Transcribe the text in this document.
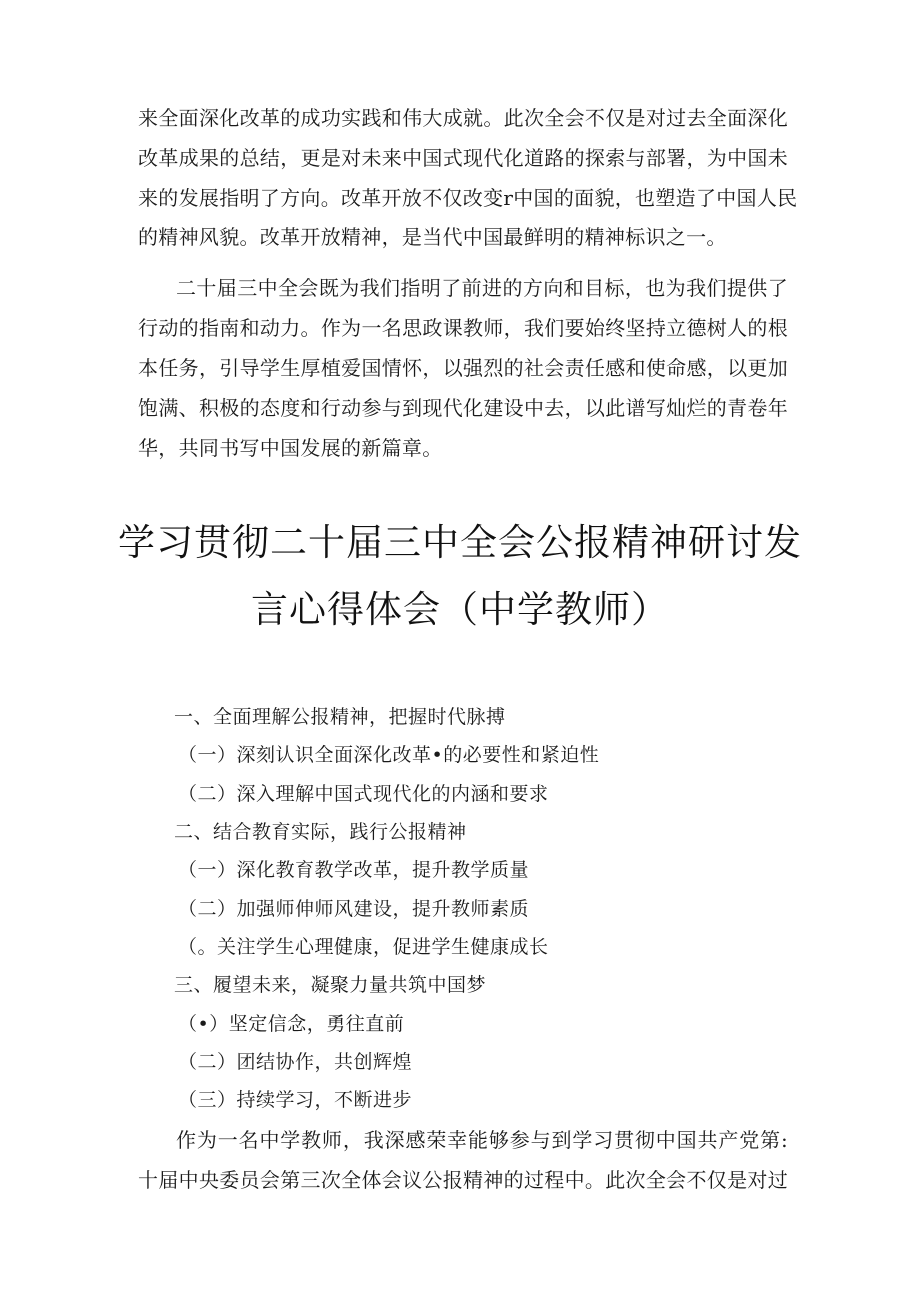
来全面深化改革的成功实践和伟大成就。此次全会不仅是对过去全面深化
改革成果的总结，更是对未来中国式现代化道路的探索与部署，为中国未
来的发展指明了方向。改革开放不仅改变r中国的面貌，也塑造了中国人民
的精神风貌。改革开放精神，是当代中国最鲜明的精神标识之一。
二十届三中全会既为我们指明了前进的方向和目标，也为我们提供了
行动的指南和动力。作为一名思政课教师，我们要始终坚持立德树人的根
本任务，引导学生厚植爱国情怀，以强烈的社会责任感和使命感，以更加
饱满、积极的态度和行动参与到现代化建设中去，以此谱写灿烂的青卷年
华，共同书写中国发展的新篇章。
学习贯彻二十届三中全会公报精神研讨发
言心得体会（中学教师）
一、全面理解公报精神，把握时代脉搏
（一）深刻认识全面深化改革•的必要性和紧迫性
（二）深入理解中国式现代化的内涵和要求
二、结合教育实际，践行公报精神
（一）深化教育教学改革，提升教学质量
（二）加强师伸师风建设，提升教师素质
（。关注学生心理健康，促进学生健康成长
三、履望未来，凝聚力量共筑中国梦
（•）坚定信念，勇往直前
（二）团结协作，共创辉煌
（三）持续学习，不断进步
作为一名中学教师，我深感荣幸能够参与到学习贯彻中国共产党第:
十届中央委员会第三次全体会议公报精神的过程中。此次全会不仅是对过
